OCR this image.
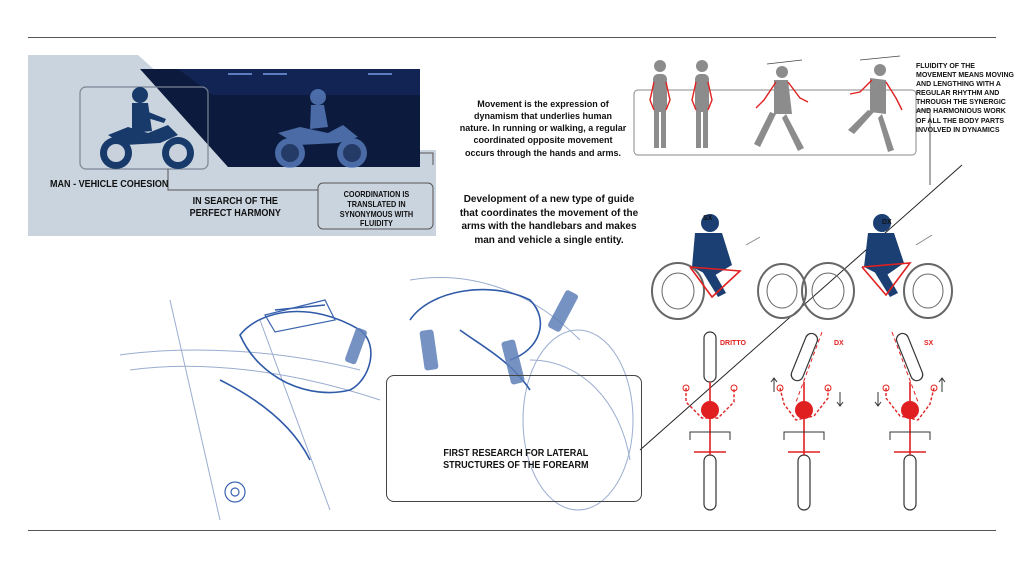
MAN - VEHICLE COHESION
IN SEARCH OF THE PERFECT HARMONY
COORDINATION IS TRANSLATED IN SYNONYMOUS WITH FLUIDITY
Movement is the expression of dynamism that underlies human nature. In running or walking, a regular coordinated opposite movement occurs through the hands and arms.
Development of a new type of guide that coordinates the movement of the arms with the handlebars and makes man and vehicle a single entity.
FLUIDITY OF THE MOVEMENT MEANS MOVING AND LENGTHING WITH A REGULAR RHYTHM AND THROUGH THE SYNERGIC AND HARMONIOUS WORK OF ALL THE BODY PARTS INVOLVED IN DYNAMICS
SX
DX
DRITTO	DX	SX
FIRST RESEARCH FOR LATERAL STRUCTURES OF THE FOREARM
